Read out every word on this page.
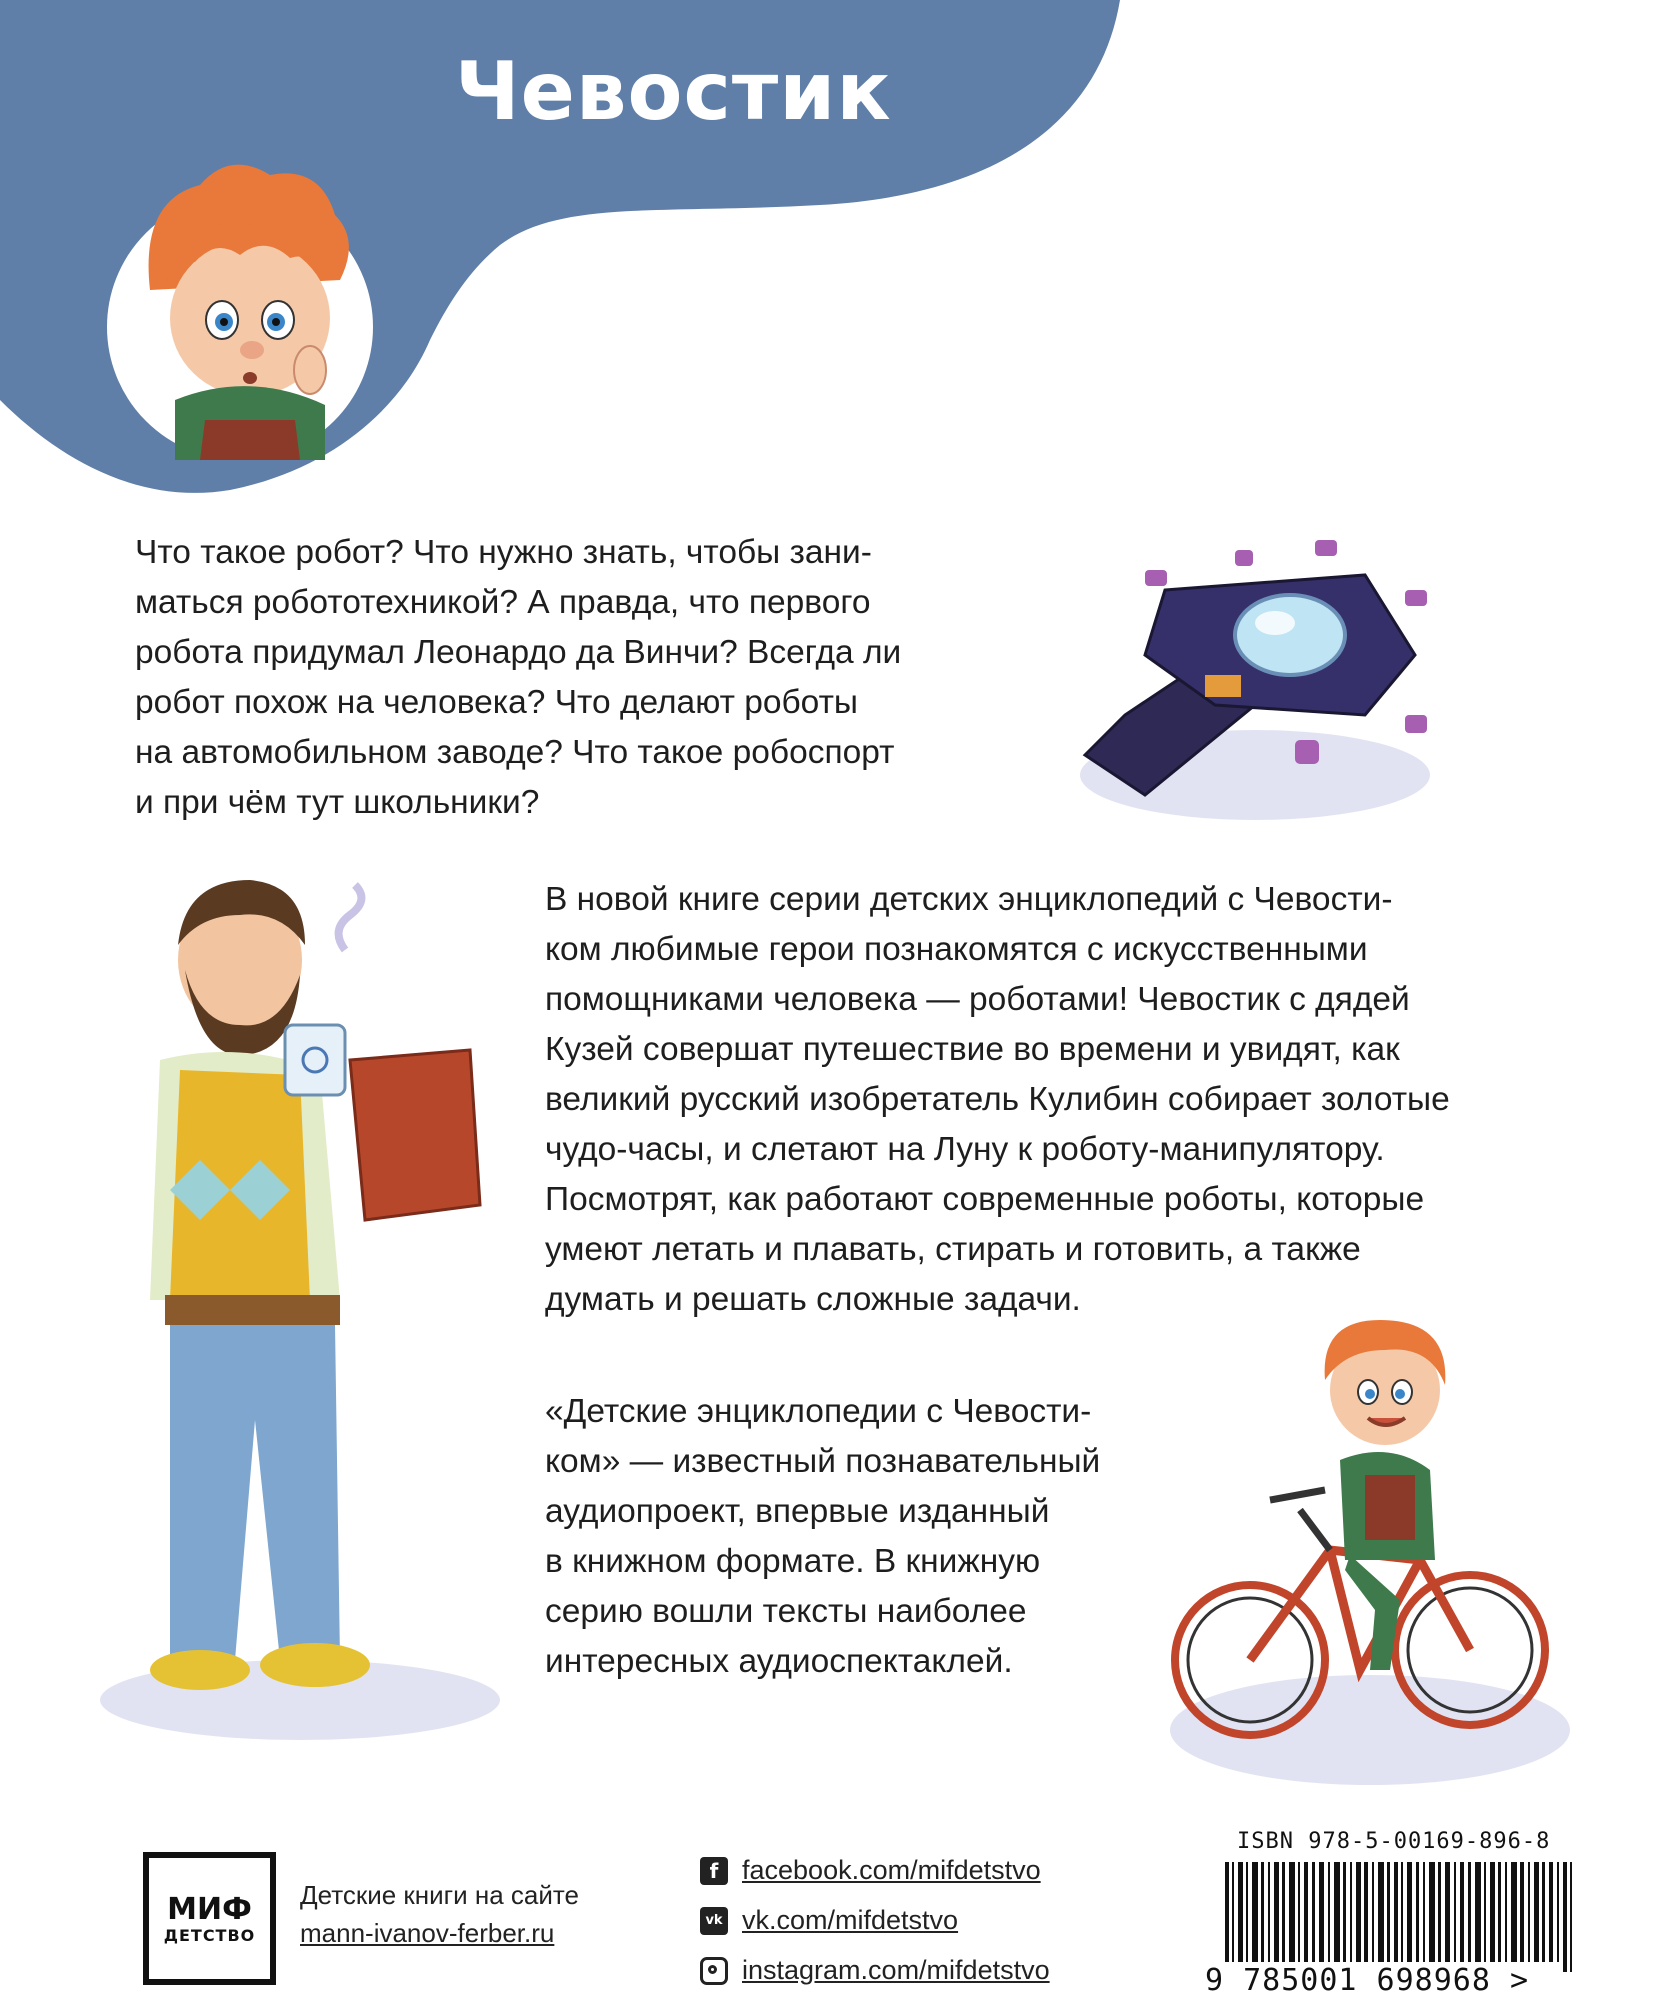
Чевостик

Что такое робот? Что нужно знать, чтобы зани-

маться робототехникой? А правда, что первого

робота придумал Леонардо да Винчи? Всегда ли

робот похож на человека? Что делают роботы

на автомобильном заводе? Что такое робоспорт

и при чём тут школьники?

В новой книге серии детских энциклопедий с Чевости-

ком любимые герои познакомятся с искусственными

помощниками человека — роботами! Чевостик с дядей

Кузей совершат путешествие во времени и увидят, как

великий русский изобретатель Кулибин собирает золотые

чудо-часы, и слетают на Луну к роботу-манипулятору.

Посмотрят, как работают современные роботы, которые

умеют летать и плавать, стирать и готовить, а также

думать и решать сложные задачи.

«Детские энциклопедии с Чевости-

ком» — известный познавательный

аудиопроект, впервые изданный

в книжном формате. В книжную

серию вошли тексты наиболее

интересных аудиоспектаклей.

МИФ
ДЕТСТВО
Детские книги на сайте
mann-ivanov-ferber.ru
f facebook.com/mifdetstvo
vk vk.com/mifdetstvo
instagram.com/mifdetstvo
ISBN 978-5-00169-896-8
9 785001 698968 >
